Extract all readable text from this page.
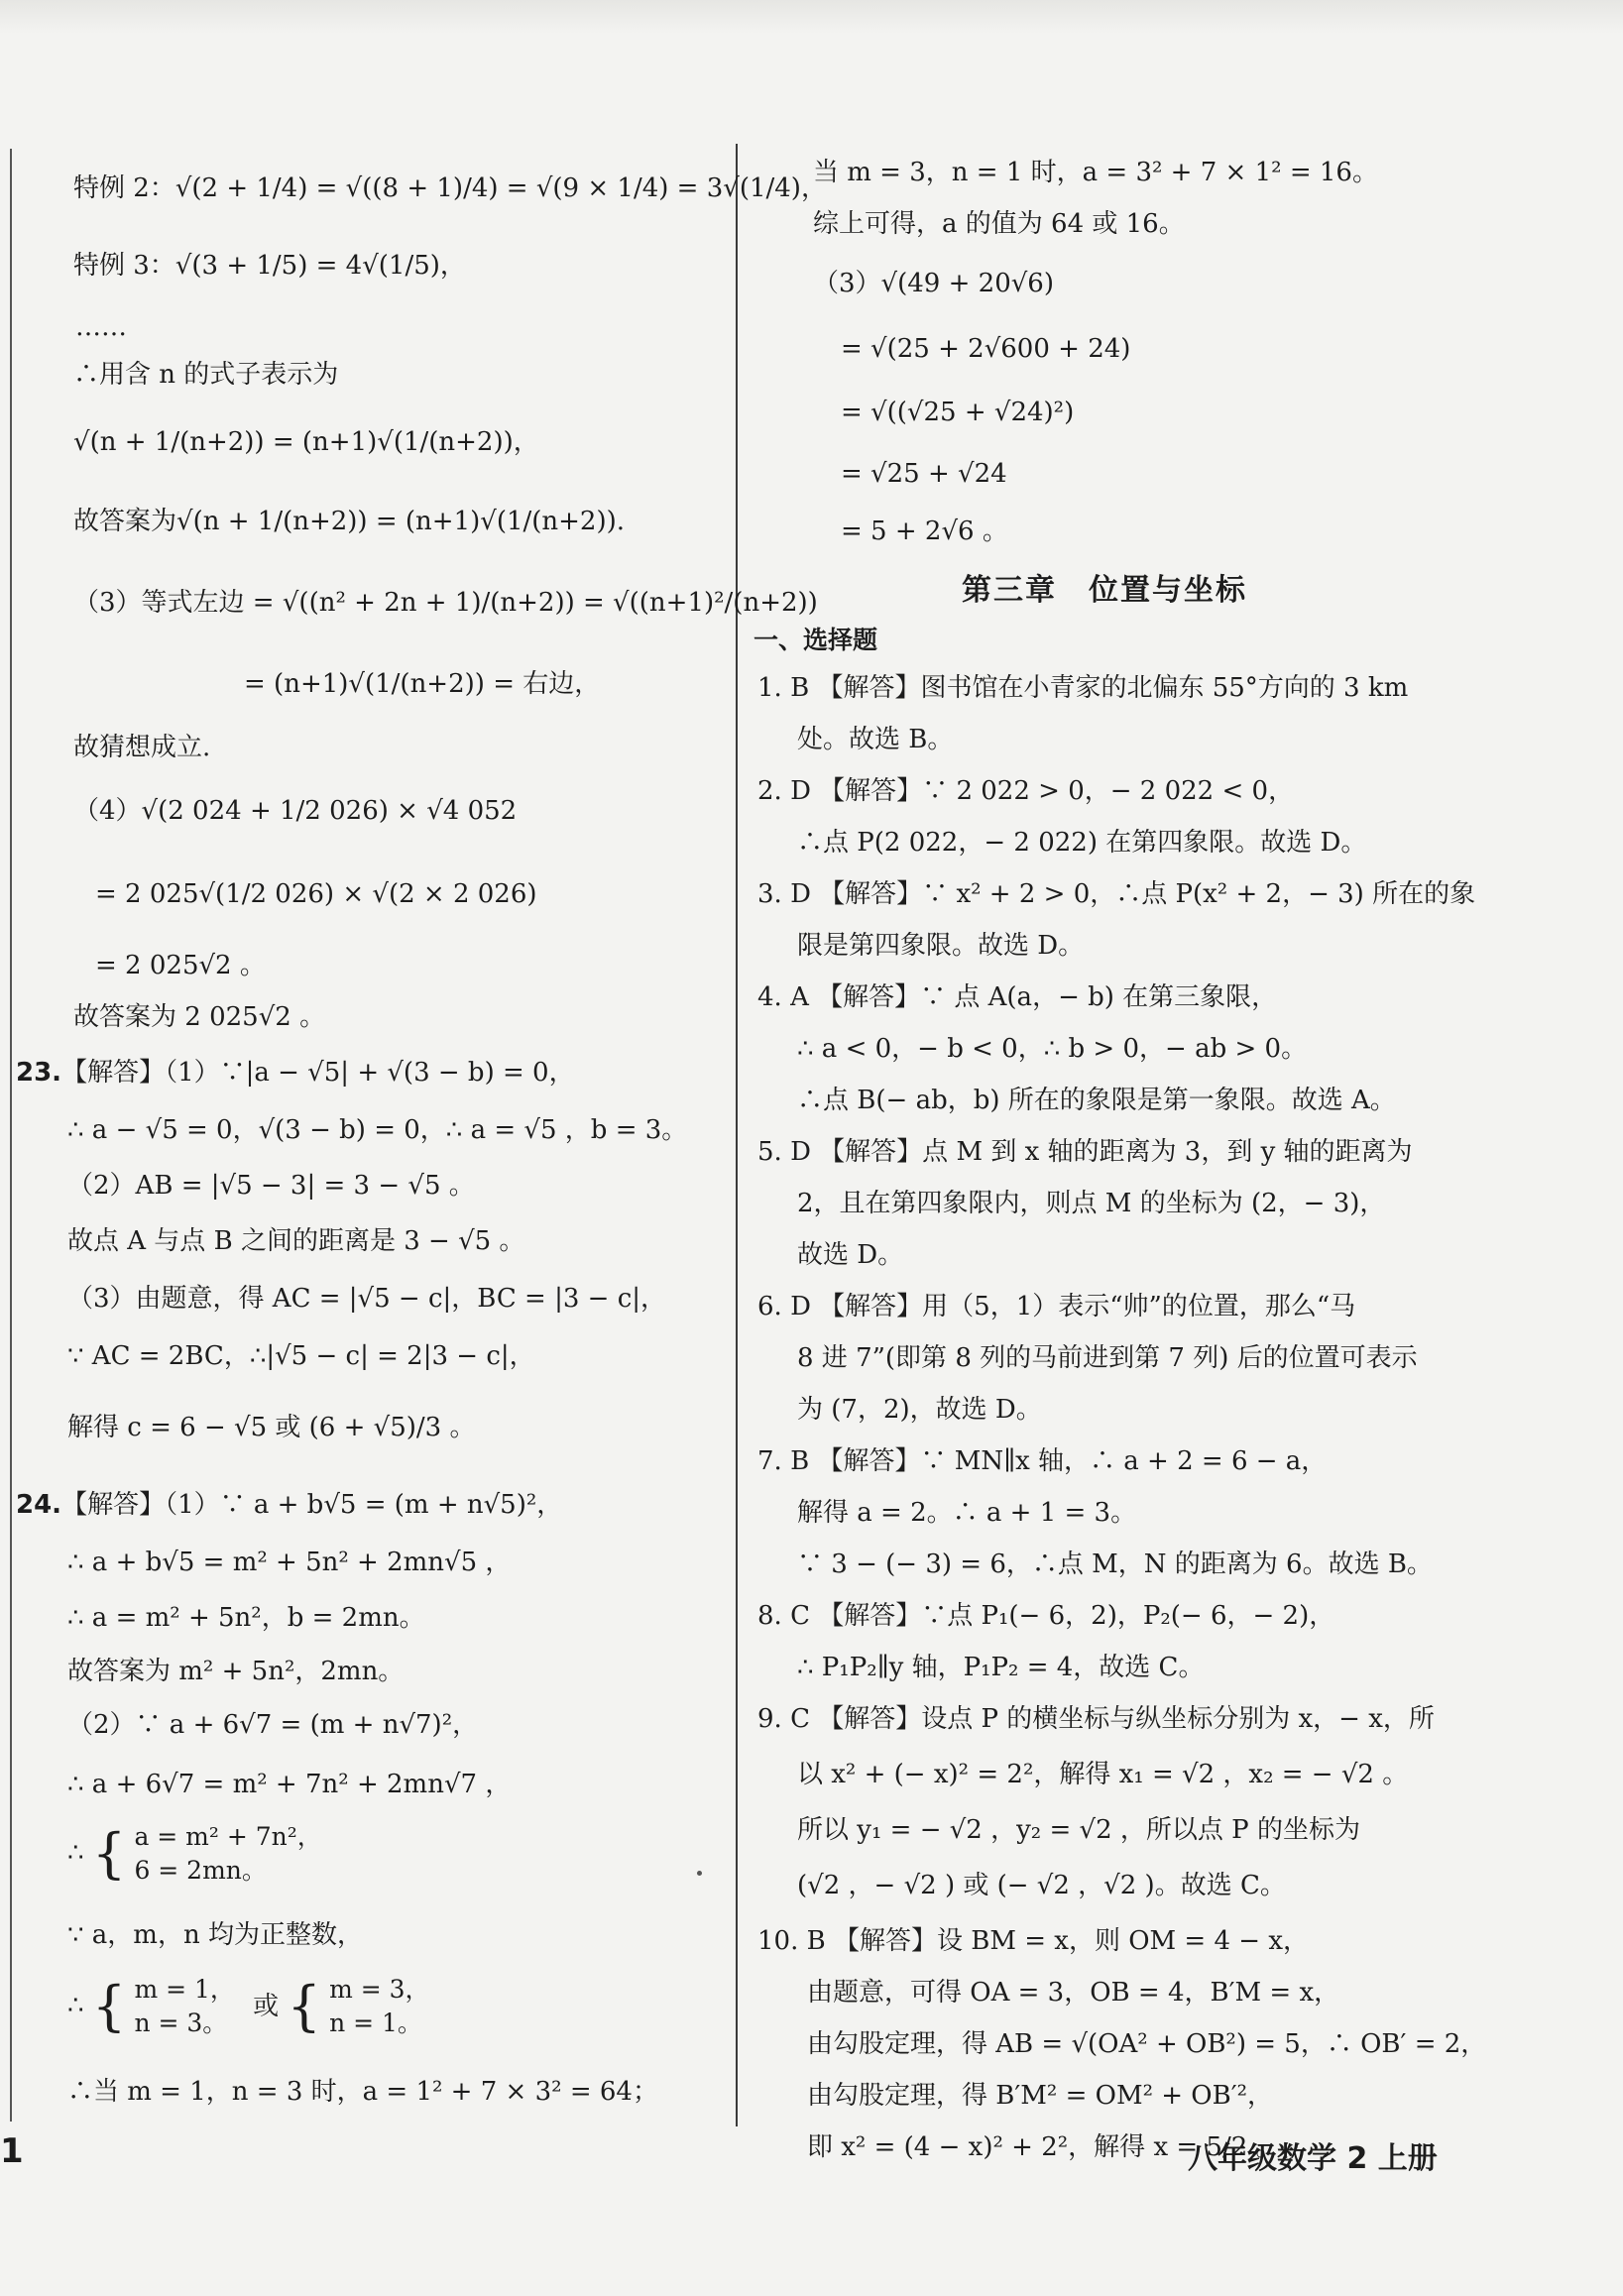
特例 2：√(2 + 1/4) = √((8 + 1)/4) = √(9 × 1/4) = 3√(1/4)，
特例 3：√(3 + 1/5) = 4√(1/5)，
……
∴用含 n 的式子表示为
√(n + 1/(n+2)) = (n+1)√(1/(n+2))，
故答案为√(n + 1/(n+2)) = (n+1)√(1/(n+2)).
（3）等式左边 = √((n² + 2n + 1)/(n+2)) = √((n+1)²/(n+2))
= (n+1)√(1/(n+2)) = 右边，
故猜想成立.
（4）√(2 024 + 1/2 026) × √4 052
= 2 025√(1/2 026) × √(2 × 2 026)
= 2 025√2 。
故答案为 2 025√2 。
23.【解答】（1）∵|a − √5| + √(3 − b) = 0，
∴ a − √5 = 0，√(3 − b) = 0，∴ a = √5 ，b = 3。
（2）AB = |√5 − 3| = 3 − √5 。
故点 A 与点 B 之间的距离是 3 − √5 。
（3）由题意，得 AC = |√5 − c|，BC = |3 − c|，
∵ AC = 2BC，∴|√5 − c| = 2|3 − c|，
解得 c = 6 − √5 或 (6 + √5)/3 。
24.【解答】（1）∵ a + b√5 = (m + n√5)²，
∴ a + b√5 = m² + 5n² + 2mn√5 ，
∴ a = m² + 5n²，b = 2mn。
故答案为 m² + 5n²，2mn。
（2）∵ a + 6√7 = (m + n√7)²，
∴ a + 6√7 = m² + 7n² + 2mn√7 ，
∴ { a = m² + 7n²，
6 = 2mn。
∵ a，m，n 均为正整数，
∴ { m = 1，
n = 3。
或 { m = 3，
n = 1。
∴当 m = 1，n = 3 时，a = 1² + 7 × 3² = 64；
当 m = 3，n = 1 时，a = 3² + 7 × 1² = 16。
综上可得，a 的值为 64 或 16。
（3）√(49 + 20√6)
= √(25 + 2√600 + 24)
= √((√25 + √24)²)
= √25 + √24
= 5 + 2√6 。
第三章　位置与坐标
一、选择题
1. B 【解答】图书馆在小青家的北偏东 55°方向的 3 km
处。故选 B。
2. D 【解答】∵ 2 022 > 0，− 2 022 < 0，
∴点 P(2 022，− 2 022) 在第四象限。故选 D。
3. D 【解答】∵ x² + 2 > 0，∴点 P(x² + 2，− 3) 所在的象
限是第四象限。故选 D。
4. A 【解答】∵ 点 A(a，− b) 在第三象限，
∴ a < 0，− b < 0，∴ b > 0，− ab > 0。
∴点 B(− ab，b) 所在的象限是第一象限。故选 A。
5. D 【解答】点 M 到 x 轴的距离为 3，到 y 轴的距离为
2，且在第四象限内，则点 M 的坐标为 (2，− 3)，
故选 D。
6. D 【解答】用（5，1）表示“帅”的位置，那么“马
8 进 7”(即第 8 列的马前进到第 7 列) 后的位置可表示
为 (7，2)，故选 D。
7. B 【解答】∵ MN∥x 轴，∴ a + 2 = 6 − a，
解得 a = 2。∴ a + 1 = 3。
∵ 3 − (− 3) = 6，∴点 M，N 的距离为 6。故选 B。
8. C 【解答】∵点 P₁(− 6，2)，P₂(− 6，− 2)，
∴ P₁P₂∥y 轴，P₁P₂ = 4，故选 C。
9. C 【解答】设点 P 的横坐标与纵坐标分别为 x，− x，所
以 x² + (− x)² = 2²，解得 x₁ = √2 ，x₂ = − √2 。
所以 y₁ = − √2 ，y₂ = √2 ，所以点 P 的坐标为
(√2 ，− √2 ) 或 (− √2 ，√2 )。故选 C。
10. B 【解答】设 BM = x，则 OM = 4 − x，
由题意，可得 OA = 3，OB = 4，B′M = x，
由勾股定理，得 AB = √(OA² + OB²) = 5，∴ OB′ = 2，
由勾股定理，得 B′M² = OM² + OB′²，
即 x² = (4 − x)² + 2²，解得 x = 5/2 。
1	八年级数学 2 上册
